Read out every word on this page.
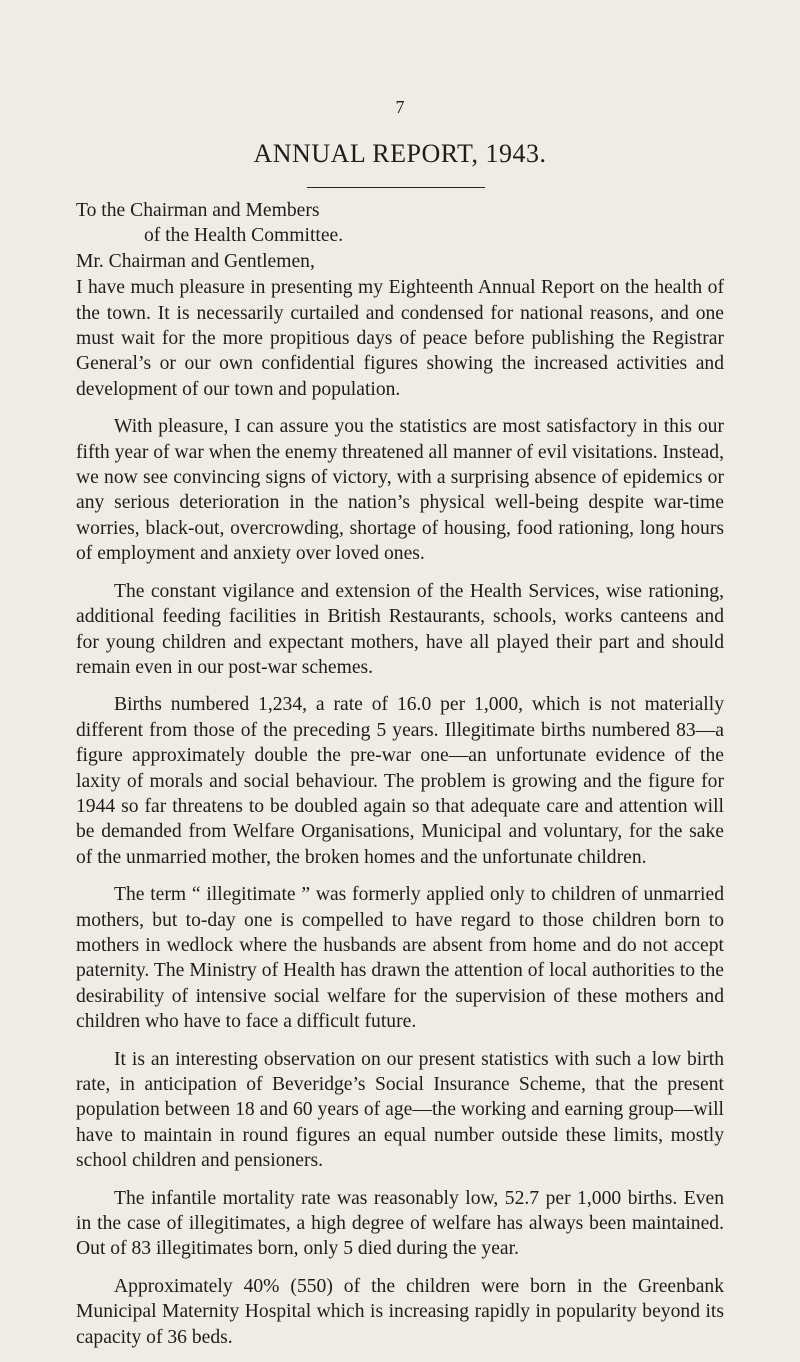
7
ANNUAL REPORT, 1943.

To the Chairman and Members

of the Health Committee.

Mr. Chairman and Gentlemen,

I have much pleasure in presenting my Eighteenth Annual Report on the health of the town. It is necessarily curtailed and condensed for national reasons, and one must wait for the more propitious days of peace before publishing the Registrar General’s or our own confidential figures showing the increased activities and development of our town and population.

With pleasure, I can assure you the statistics are most satisfactory in this our fifth year of war when the enemy threatened all manner of evil visitations. Instead, we now see convincing signs of victory, with a surprising absence of epidemics or any serious deterioration in the nation’s physical well-being despite war-time worries, black-out, overcrowding, shortage of housing, food rationing, long hours of employment and anxiety over loved ones.

The constant vigilance and extension of the Health Services, wise rationing, additional feeding facilities in British Restaurants, schools, works canteens and for young children and expectant mothers, have all played their part and should remain even in our post-war schemes.

Births numbered 1,234, a rate of 16.0 per 1,000, which is not materially different from those of the preceding 5 years. Illegitimate births numbered 83—a figure approximately double the pre-war one—an unfortunate evidence of the laxity of morals and social behaviour. The problem is growing and the figure for 1944 so far threatens to be doubled again so that adequate care and attention will be demanded from Welfare Organisations, Municipal and voluntary, for the sake of the unmarried mother, the broken homes and the unfortunate children.

The term “ illegitimate ” was formerly applied only to children of unmarried mothers, but to-day one is compelled to have regard to those children born to mothers in wedlock where the husbands are absent from home and do not accept paternity. The Ministry of Health has drawn the attention of local authorities to the desirability of intensive social welfare for the supervision of these mothers and children who have to face a difficult future.

It is an interesting observation on our present statistics with such a low birth rate, in anticipation of Beveridge’s Social Insurance Scheme, that the present population between 18 and 60 years of age—the working and earning group—will have to maintain in round figures an equal number outside these limits, mostly school children and pensioners.

The infantile mortality rate was reasonably low, 52.7 per 1,000 births. Even in the case of illegitimates, a high degree of welfare has always been maintained. Out of 83 illegitimates born, only 5 died during the year.

Approximately 40% (550) of the children were born in the Greenbank Municipal Maternity Hospital which is increasing rapidly in popularity beyond its capacity of 36 beds.
